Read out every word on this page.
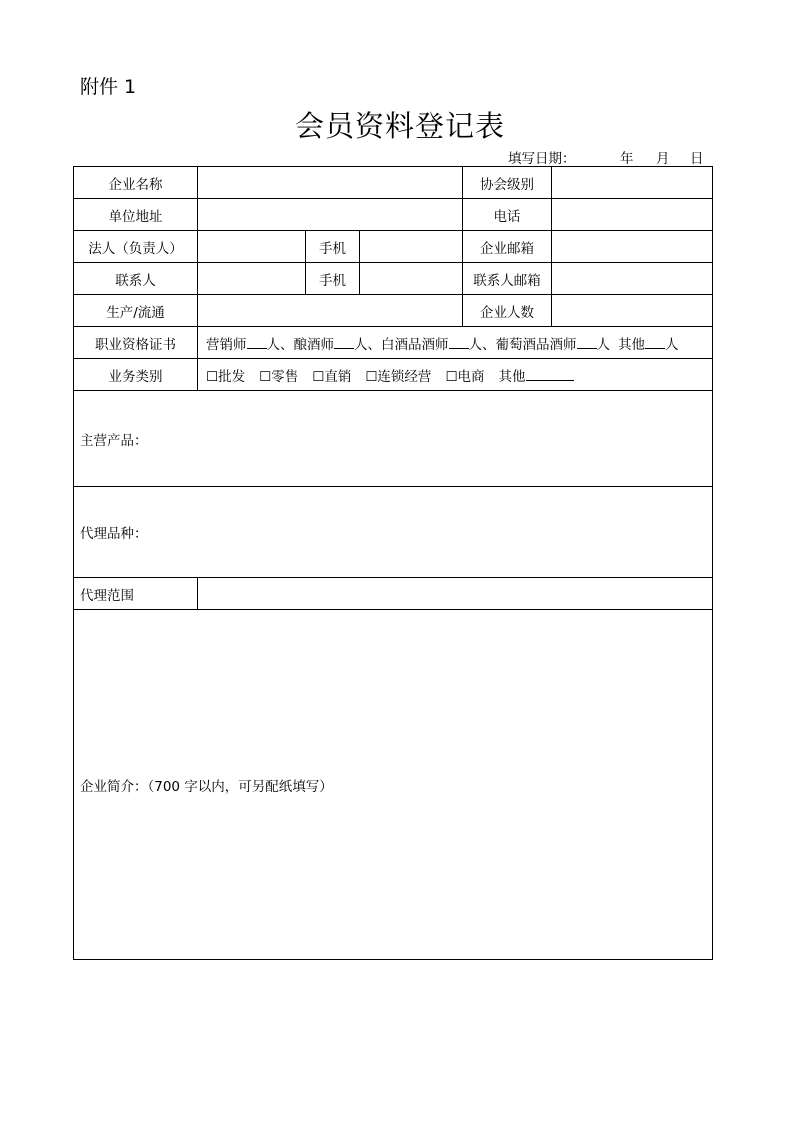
附件 1
会员资料登记表
填写日期：	年 月 日
企业名称				协会级别	
单位地址				电话	
法人（负责人）		手机		企业邮箱	
联系人		手机		联系人邮箱	
生产/流通				企业人数	
职业资格证书	营销师 人、酿酒师 人、白酒品酒师 人、葡萄酒品酒师 人 其他 人				
业务类别	☐批发 ☐零售 ☐直销 ☐连锁经营 ☐电商 其他				
主营产品：					
代理品种：					
代理范围					
企业简介：（700 字以内，可另配纸填写）					
